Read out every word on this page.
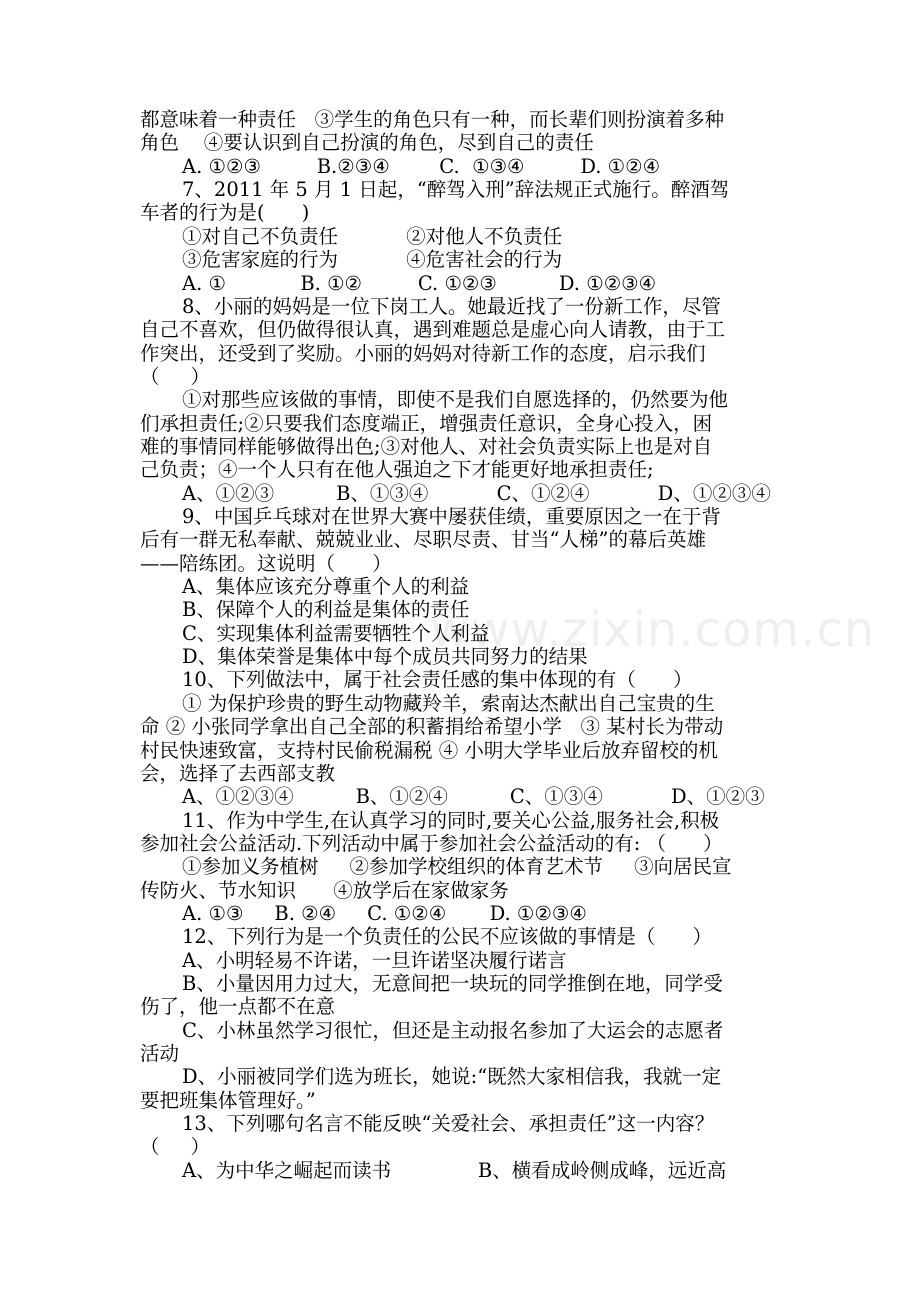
www.zixin.com.cn
都意味着一种责任   ③学生的角色只有一种，而长辈们则扮演着多种
角色    ④要认识到自己扮演的角色，尽到自己的责任
A. ①②③         B.②③④        C.  ①③④         D. ①②④
7、2011 年 5 月 1 日起，“醉驾入刑”辞法规正式施行。醉酒驾
车者的行为是(      )
①对自己不负责任           ②对他人不负责任
③危害家庭的行为           ④危害社会的行为
A. ①            B. ①②         C. ①②③          D. ①②③④
8、小丽的妈妈是一位下岗工人。她最近找了一份新工作，尽管
自己不喜欢，但仍做得很认真，遇到难题总是虚心向人请教，由于工
作突出，还受到了奖励。小丽的妈妈对待新工作的态度，启示我们
（     ）
①对那些应该做的事情，即使不是我们自愿选择的，仍然要为他
们承担责任;②只要我们态度端正，增强责任意识，全身心投入，困
难的事情同样能够做得出色;③对他人、对社会负责实际上也是对自
己负责；④一个人只有在他人强迫之下才能更好地承担责任;
A、①②③          B、①③④           C、①②④           D、①②③④
9、中国乒乓球对在世界大赛中屡获佳绩，重要原因之一在于背
后有一群无私奉献、兢兢业业、尽职尽责、甘当“人梯”的幕后英雄
——陪练团。这说明（      ）
A、集体应该充分尊重个人的利益
B、保障个人的利益是集体的责任
C、实现集体利益需要牺牲个人利益
D、集体荣誉是集体中每个成员共同努力的结果
10、下列做法中，属于社会责任感的集中体现的有（      ）
① 为保护珍贵的野生动物藏羚羊，索南达杰献出自己宝贵的生
命 ② 小张同学拿出自己全部的积蓄捐给希望小学   ③ 某村长为带动
村民快速致富，支持村民偷税漏税 ④ 小明大学毕业后放弃留校的机
会，选择了去西部支教
A、①②③④          B、①②④          C、①③④           D、①②③
11、作为中学生,在认真学习的同时,要关心公益,服务社会,积极
参加社会公益活动.下列活动中属于参加社会公益活动的有: （      ）
①参加义务植树     ②参加学校组织的体育艺术节     ③向居民宣
传防火、节水知识      ④放学后在家做家务
A. ①③     B. ②④     C. ①②④       D. ①②③④
12、下列行为是一个负责任的公民不应该做的事情是（      ）
A、小明轻易不许诺，一旦许诺坚决履行诺言
B、小量因用力过大，无意间把一块玩的同学推倒在地，同学受
伤了，他一点都不在意
C、小林虽然学习很忙，但还是主动报名参加了大运会的志愿者
活动
D、小丽被同学们选为班长，她说:“既然大家相信我，我就一定
要把班集体管理好。”
13、下列哪句名言不能反映“关爱社会、承担责任”这一内容？
（     ）
A、为中华之崛起而读书              B、横看成岭侧成峰，远近高
